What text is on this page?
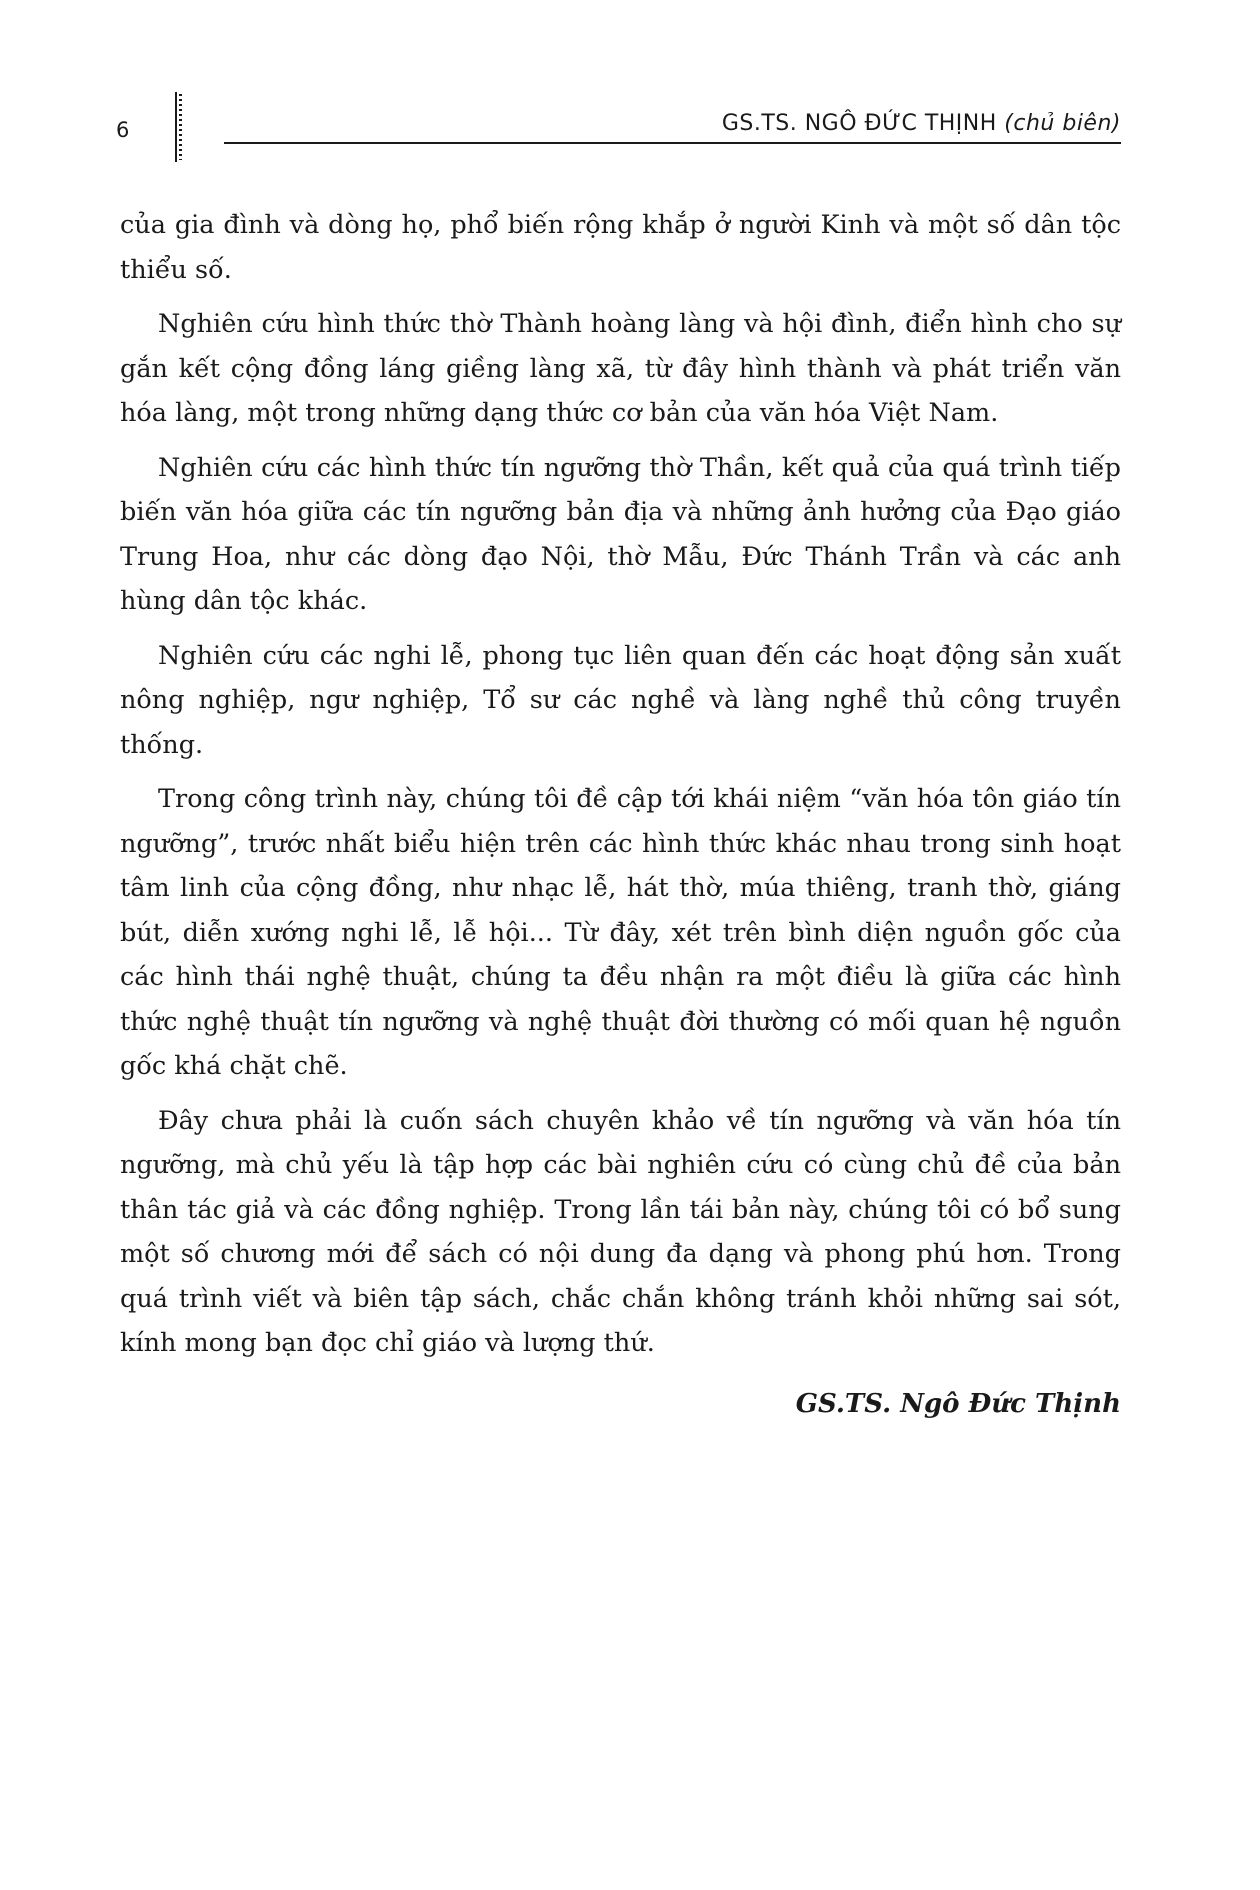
6	GS.TS. NGÔ ĐỨC THỊNH (chủ biên)

của gia đình và dòng họ, phổ biến rộng khắp ở người Kinh và một số dân tộc thiểu số.

Nghiên cứu hình thức thờ Thành hoàng làng và hội đình, điển hình cho sự gắn kết cộng đồng láng giềng làng xã, từ đây hình thành và phát triển văn hóa làng, một trong những dạng thức cơ bản của văn hóa Việt Nam.

Nghiên cứu các hình thức tín ngưỡng thờ Thần, kết quả của quá trình tiếp biến văn hóa giữa các tín ngưỡng bản địa và những ảnh hưởng của Đạo giáo Trung Hoa, như các dòng đạo Nội, thờ Mẫu, Đức Thánh Trần và các anh hùng dân tộc khác.

Nghiên cứu các nghi lễ, phong tục liên quan đến các hoạt động sản xuất nông nghiệp, ngư nghiệp, Tổ sư các nghề và làng nghề thủ công truyền thống.

Trong công trình này, chúng tôi đề cập tới khái niệm “văn hóa tôn giáo tín ngưỡng”, trước nhất biểu hiện trên các hình thức khác nhau trong sinh hoạt tâm linh của cộng đồng, như nhạc lễ, hát thờ, múa thiêng, tranh thờ, giáng bút, diễn xướng nghi lễ, lễ hội... Từ đây, xét trên bình diện nguồn gốc của các hình thái nghệ thuật, chúng ta đều nhận ra một điều là giữa các hình thức nghệ thuật tín ngưỡng và nghệ thuật đời thường có mối quan hệ nguồn gốc khá chặt chẽ.

Đây chưa phải là cuốn sách chuyên khảo về tín ngưỡng và văn hóa tín ngưỡng, mà chủ yếu là tập hợp các bài nghiên cứu có cùng chủ đề của bản thân tác giả và các đồng nghiệp. Trong lần tái bản này, chúng tôi có bổ sung một số chương mới để sách có nội dung đa dạng và phong phú hơn. Trong quá trình viết và biên tập sách, chắc chắn không tránh khỏi những sai sót, kính mong bạn đọc chỉ giáo và lượng thứ.

GS.TS. Ngô Đức Thịnh
